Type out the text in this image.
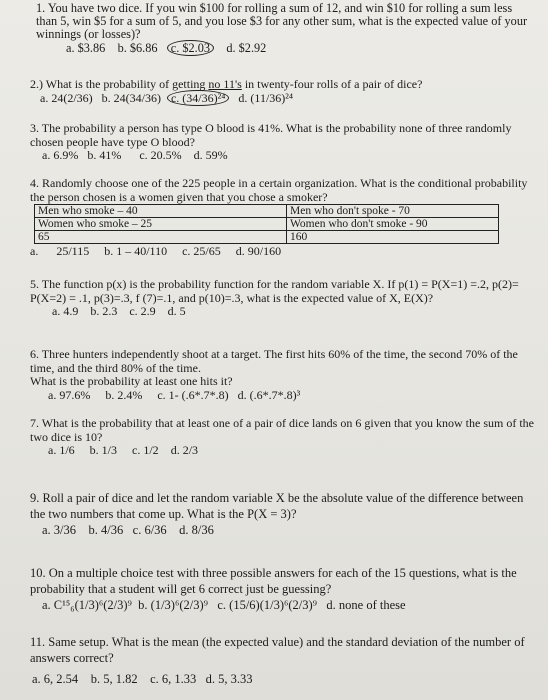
1. You have two dice. If you win $100 for rolling a sum of 12, and win $10 for rolling a sum less than 5, win $5 for a sum of 5, and you lose $3 for any other sum, what is the expected value of your winnings (or losses)?
a. $3.86 b. $6.86 c. $2.03 d. $2.92
2.) What is the probability of getting no 11's in twenty-four rolls of a pair of dice?
a. 24(2/36) b. 24(34/36) c. (34/36)²⁴ d. (11/36)²⁴
3. The probability a person has type O blood is 41%. What is the probability none of three randomly chosen people have type O blood?
a. 6.9% b. 41% c. 20.5% d. 59%
4. Randomly choose one of the 225 people in a certain organization. What is the conditional probability the person chosen is a women given that you chose a smoker?
Men who smoke – 40	Men who don't spoke - 70
Women who smoke – 25	Women who don't smoke - 90
65	160
a. 25/115 b. 1 – 40/110 c. 25/65 d. 90/160
5. The function p(x) is the probability function for the random variable X. If p(1) = P(X=1) =.2, p(2)= P(X=2) = .1, p(3)=.3, f (7)=.1, and p(10)=.3, what is the expected value of X, E(X)?
a. 4.9 b. 2.3 c. 2.9 d. 5
6. Three hunters independently shoot at a target. The first hits 60% of the time, the second 70% of the time, and the third 80% of the time.
What is the probability at least one hits it?
a. 97.6% b. 2.4% c. 1- (.6*.7*.8) d. (.6*.7*.8)³
7. What is the probability that at least one of a pair of dice lands on 6 given that you know the sum of the two dice is 10?
a. 1/6 b. 1/3 c. 1/2 d. 2/3
9. Roll a pair of dice and let the random variable X be the absolute value of the difference between the two numbers that come up. What is the P(X = 3)?
a. 3/36 b. 4/36 c. 6/36 d. 8/36
10. On a multiple choice test with three possible answers for each of the 15 questions, what is the probability that a student will get 6 correct just be guessing?
a. C¹⁵₆(1/3)⁶(2/3)⁹ b. (1/3)⁶(2/3)⁹ c. (15/6)(1/3)⁶(2/3)⁹ d. none of these
11. Same setup. What is the mean (the expected value) and the standard deviation of the number of answers correct?
a. 6, 2.54 b. 5, 1.82 c. 6, 1.33 d. 5, 3.33
